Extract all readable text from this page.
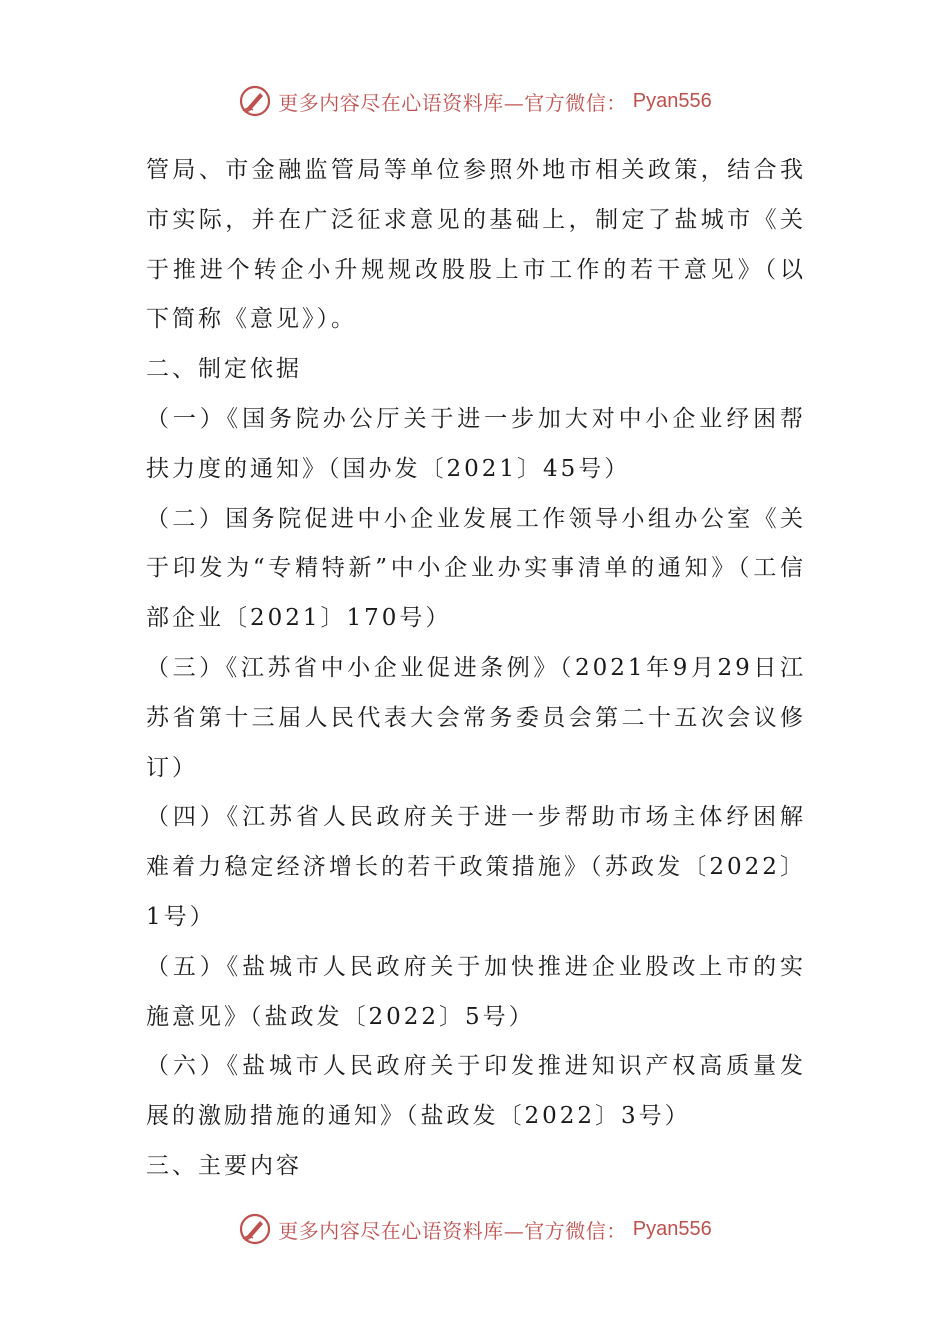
更多内容尽在心语资料库—官方微信： Pyan556

管局、市金融监管局等单位参照外地市相关政策，结合我市实际，并在广泛征求意见的基础上，制定了盐城市《关于推进个转企小升规规改股股上市工作的若干意见》（以下简称《意见》）。

二、制定依据

（一）《国务院办公厅关于进一步加大对中小企业纾困帮扶力度的通知》（国办发〔2021〕45号）

（二）国务院促进中小企业发展工作领导小组办公室《关于印发为“专精特新”中小企业办实事清单的通知》（工信部企业〔2021〕170号）

（三）《江苏省中小企业促进条例》（2021年9月29日江苏省第十三届人民代表大会常务委员会第二十五次会议修订）

（四）《江苏省人民政府关于进一步帮助市场主体纾困解难着力稳定经济增长的若干政策措施》（苏政发〔2022〕1号）

（五）《盐城市人民政府关于加快推进企业股改上市的实施意见》（盐政发〔2022〕5号）

（六）《盐城市人民政府关于印发推进知识产权高质量发展的激励措施的通知》（盐政发〔2022〕3号）

三、主要内容

更多内容尽在心语资料库—官方微信： Pyan556
